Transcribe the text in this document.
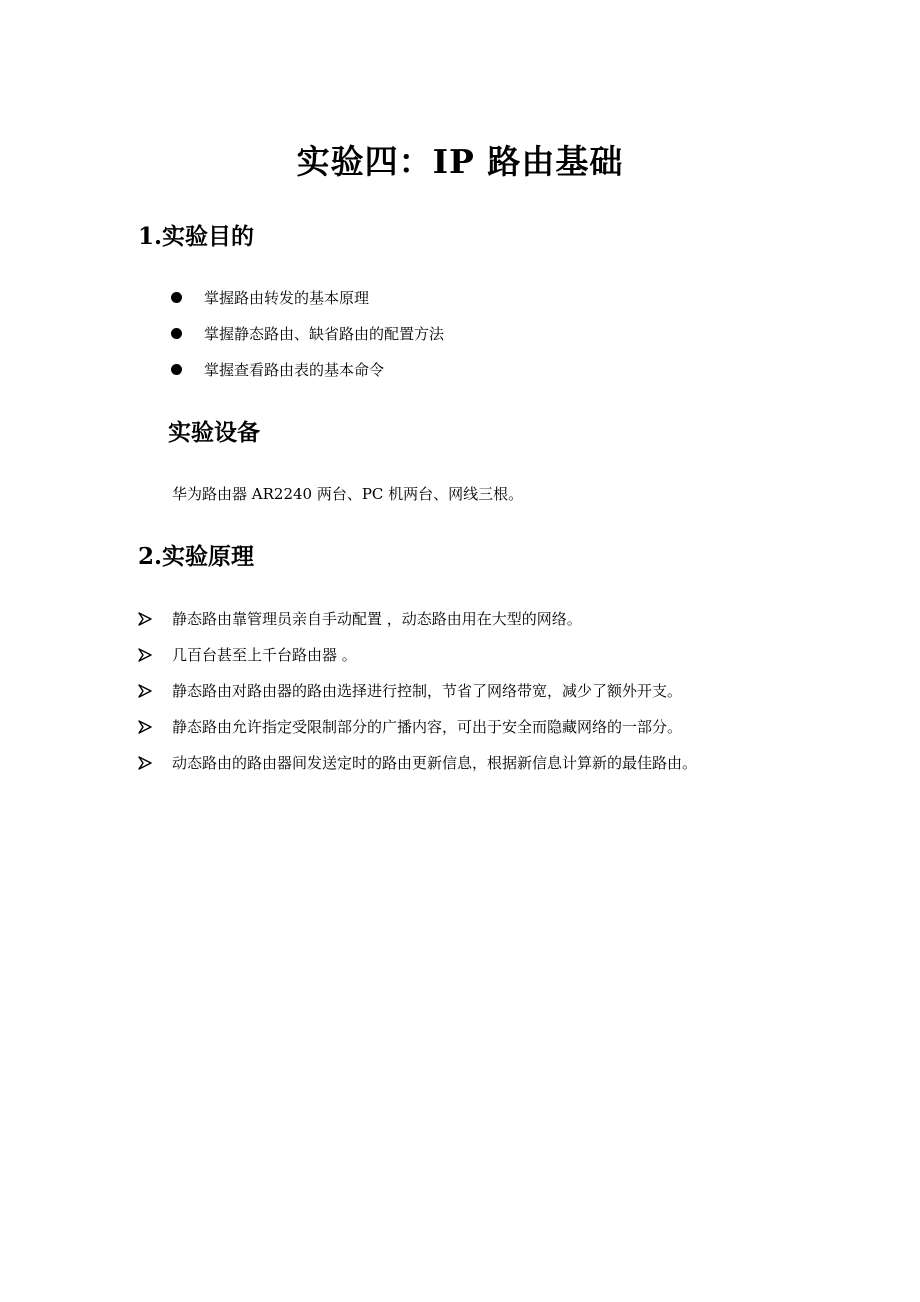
实验四：IP 路由基础
1.实验目的
掌握路由转发的基本原理
掌握静态路由、缺省路由的配置方法
掌握查看路由表的基本命令
实验设备
华为路由器 AR2240 两台、PC 机两台、网线三根。
2.实验原理
静态路由靠管理员亲自手动配置 ，动态路由用在大型的网络。
几百台甚至上千台路由器 。
静态路由对路由器的路由选择进行控制，节省了网络带宽，减少了额外开支。
静态路由允许指定受限制部分的广播内容，可出于安全而隐藏网络的一部分。
动态路由的路由器间发送定时的路由更新信息，根据新信息计算新的最佳路由。
